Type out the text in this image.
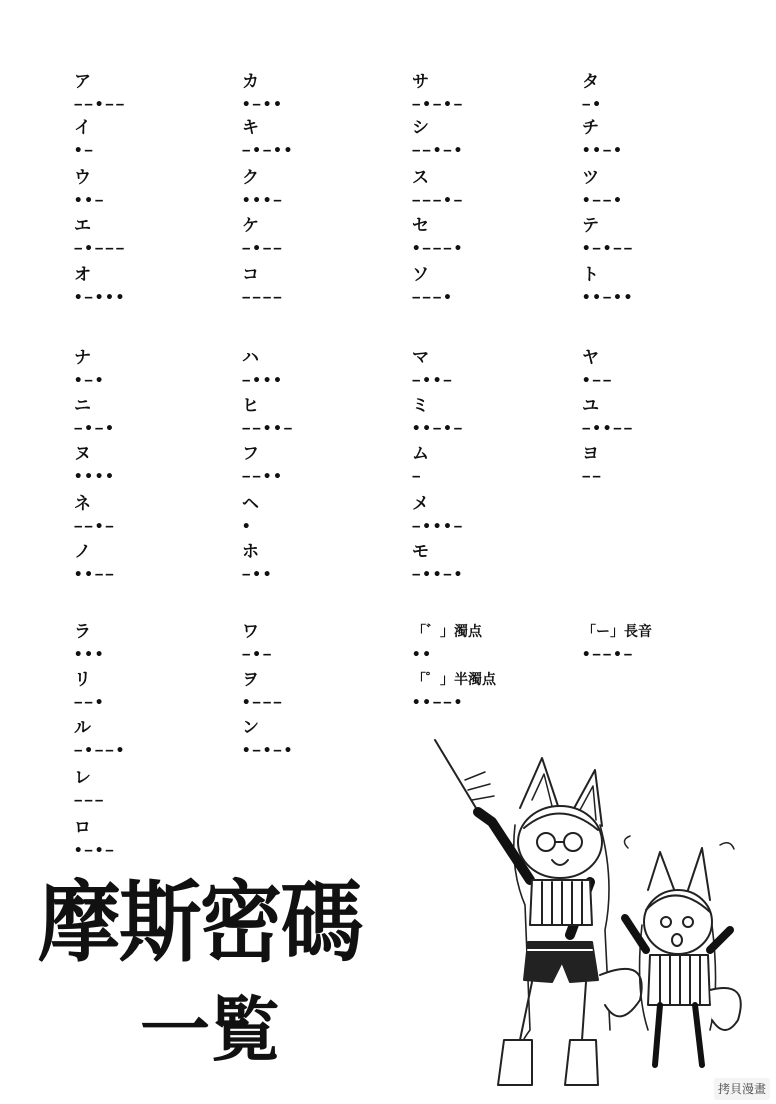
ア
−−•−−
イ
•−
ウ
••−
エ
−•−−−
オ
•−•••
カ
•−••
キ
−•−••
ク
•••−
ケ
−•−−
コ
−−−−
サ
−•−•−
シ
−−•−•
ス
−−−•−
セ
•−−−•
ソ
−−−•
タ
−•
チ
••−•
ツ
•−−•
テ
•−•−−
ト
••−••
ナ
•−•
ニ
−•−•
ヌ
••••
ネ
−−•−
ノ
••−−
ハ
−•••
ヒ
−−••−
フ
−−••
ヘ
•
ホ
−••
マ
−••−
ミ
••−•−
ム
−
メ
−•••−
モ
−••−•
ヤ
•−−
ユ
−••−−
ヨ
−−
ラ
•••
リ
−−•
ル
−•−−•
レ
−−−
ロ
•−•−
ワ
−•−
ヲ
•−−−
ン
•−•−•
「゛」濁点
••
「゜」半濁点
••−−•
「ー」長音
•−−•−
摩斯密碼
一覧
拷貝漫畫
